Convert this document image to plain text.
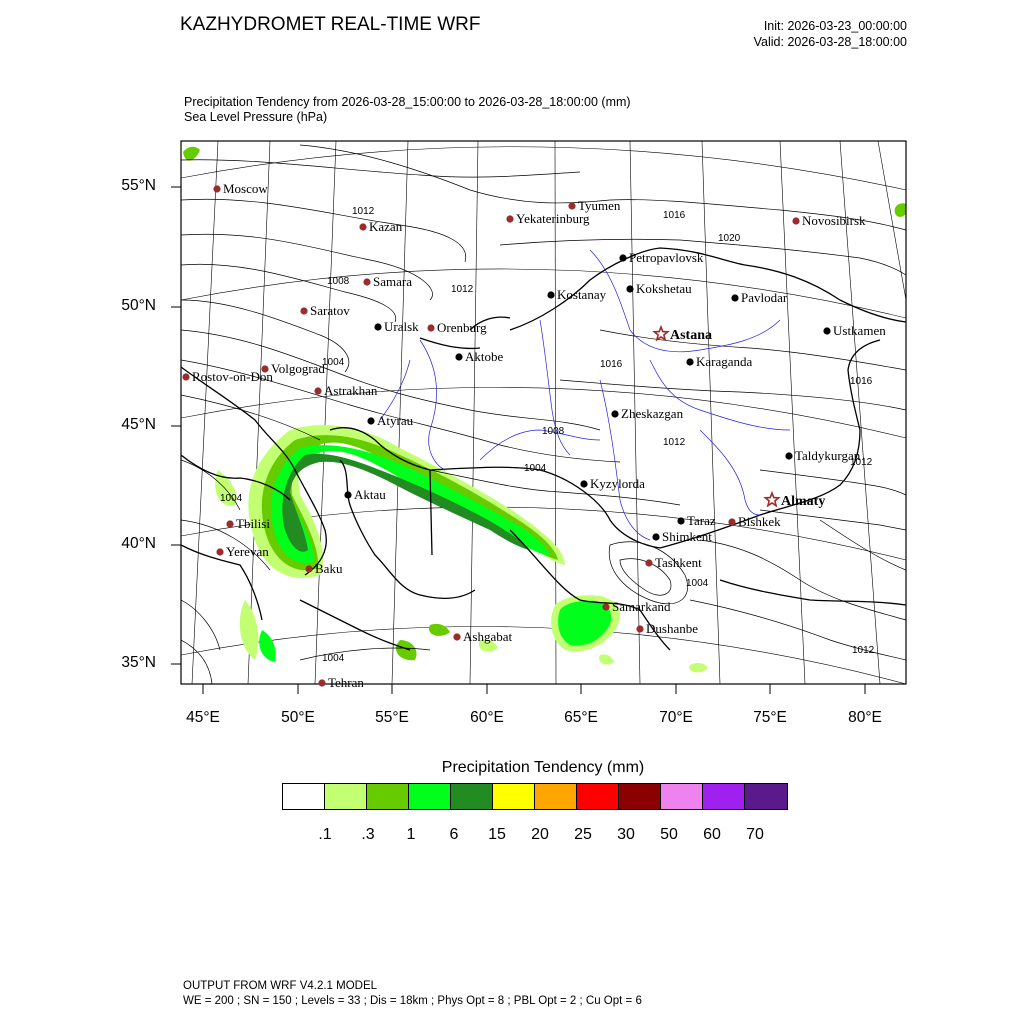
KAZHYDROMET REAL-TIME WRF	Init: 2026-03-23_00:00:00
Valid: 2026-03-28_18:00:00
Precipitation Tendency from 2026-03-28_15:00:00 to 2026-03-28_18:00:00 (mm)
Sea Level Pressure (hPa)
1012	1016
1020
1008
1012
1016
1004
1016
1008
1012
1004
1012
1004
1004
1004
1012
Moscow
Tyumen
Yekaterinburg	Novosibirsk
Kazan
Samara
Saratov
Orenburg
Volgograd
Rostov-on-Don
Astrakhan
Tbilisi
Yerevan
Baku
Ashgabat
Tehran
Samarkand
Dushanbe
Tashkent
Bishkek
Petropavlovsk
Kostanay Kokshetau
Pavlodar
Uralsk
Aktobe
Ustkamen
Karaganda
Zheskazgan
Atyrau
Aktau
Kyzylorda
Taldykurgan
Taraz
Shimkent
Astana
Almaty
55°N
50°N
45°N
40°N
35°N
45°E	50°E	55°E	60°E	65°E	70°E	75°E	80°E
Precipitation Tendency (mm)
.1	.3	1	6	15	20	25	30	50	60	70
OUTPUT FROM WRF V4.2.1 MODEL
WE = 200 ; SN = 150 ; Levels = 33 ; Dis = 18km ; Phys Opt = 8 ; PBL Opt = 2 ; Cu Opt = 6
